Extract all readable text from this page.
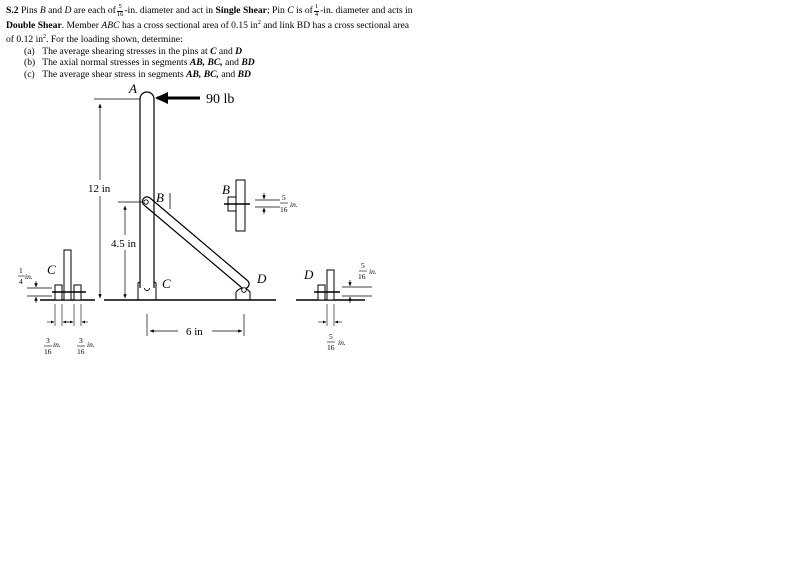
S.2 Pins B and D are each of $\frac{5}{16} -in$. diameter and act in Single Shear; Pin C is of $\frac{1}{4} -in$. diameter and acts in Double Shear. Member ABC has a cross sectional area of 0.15 $in^2$ and link BD has a cross sectional area of 0.12 $in^2$. For the loading shown, determine:

(a) The average shearing stresses in the pins at C and D
(b) The axial normal stresses in segments AB, BC, and BD
(c) The average shear stress in segments AB, BC, and BD
90 lb
A
B
C	D
12 in
4.5 in
6 in
B
5
16
in.
C
1
4
in.
3
16
in. 3
16
in.
D
5
16
in.
5
16
in.
